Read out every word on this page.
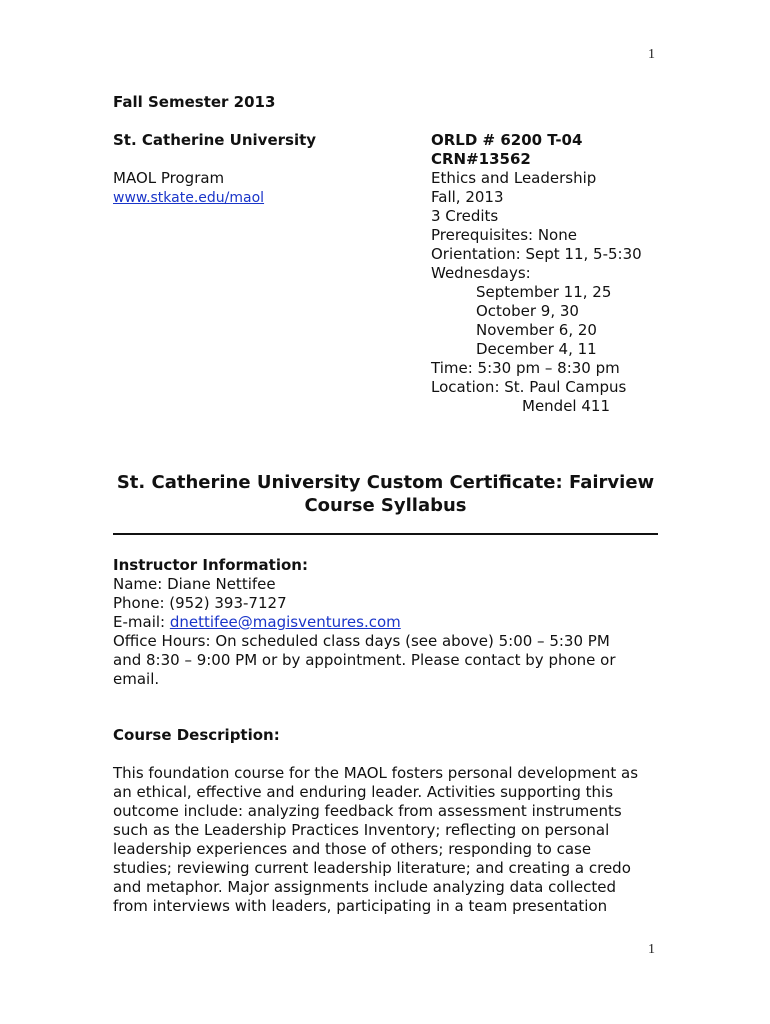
1
Fall Semester 2013
St. Catherine University
MAOL Program
www.stkate.edu/maol
ORLD # 6200 T-04
CRN#13562
Ethics and Leadership
Fall, 2013
3 Credits
Prerequisites: None
Orientation: Sept 11, 5-5:30
Wednesdays:
September 11, 25
October 9, 30
November 6, 20
December 4, 11
Time: 5:30 pm – 8:30 pm
Location: St. Paul Campus
Mendel 411
St. Catherine University Custom Certificate: Fairview
Course Syllabus
Instructor Information:
Name: Diane Nettifee
Phone: (952) 393-7127
E-mail: dnettifee@magisventures.com
Office Hours: On scheduled class days (see above) 5:00 – 5:30 PM
and 8:30 – 9:00 PM or by appointment. Please contact by phone or
email.
Course Description:
This foundation course for the MAOL fosters personal development as
an ethical, effective and enduring leader. Activities supporting this
outcome include: analyzing feedback from assessment instruments
such as the Leadership Practices Inventory; reflecting on personal
leadership experiences and those of others; responding to case
studies; reviewing current leadership literature; and creating a credo
and metaphor. Major assignments include analyzing data collected
from interviews with leaders, participating in a team presentation
1
